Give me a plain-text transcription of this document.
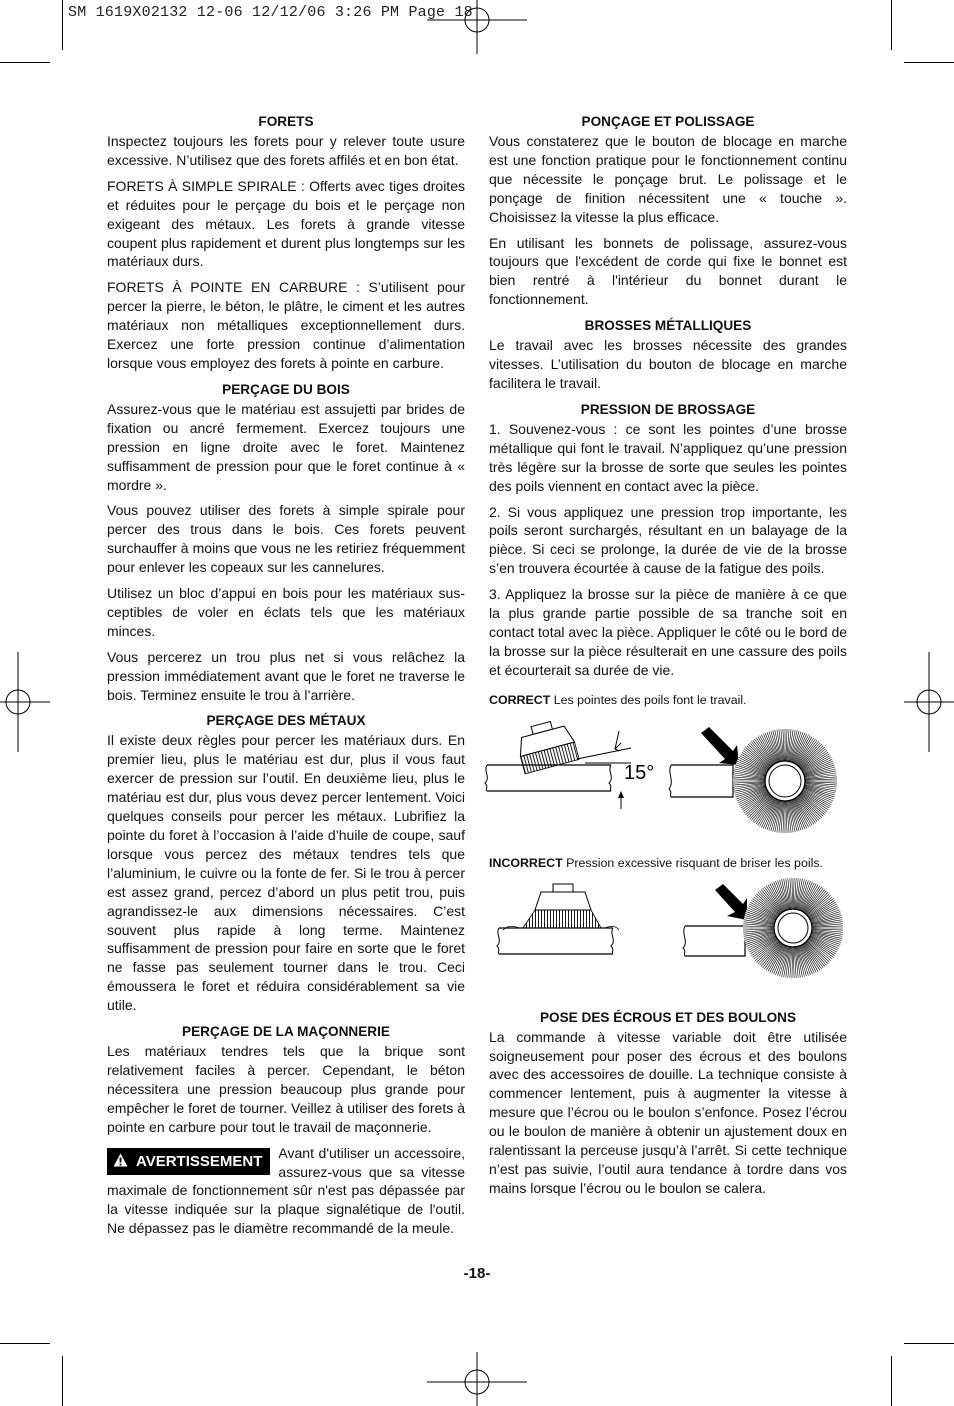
SM 1619X02132 12-06 12/12/06 3:26 PM Page 18
FORETS

Inspectez toujours les forets pour y relever toute usure excessive. N’utilisez que des forets affilés et en bon état.

FORETS À SIMPLE SPIRALE : Offerts avec tiges droites et réduites pour le perçage du bois et le perçage non exigeant des métaux. Les forets à grande vitesse coupent plus rapidement et durent plus longtemps sur les matériaux durs.

FORETS À POINTE EN CARBURE : S’utilisent pour percer la pierre, le béton, le plâtre, le ciment et les autres matériaux non métalliques exceptionnellement durs. Exercez une forte pression continue d’alimentation lorsque vous employez des forets à pointe en carbure.

PERÇAGE DU BOIS

Assurez-vous que le matériau est assujetti par brides de fixation ou ancré fermement. Exercez toujours une pression en ligne droite avec le foret. Maintenez suffisamment de pression pour que le foret continue à « mordre ».

Vous pouvez utiliser des forets à simple spirale pour percer des trous dans le bois. Ces forets peuvent surchauffer à moins que vous ne les retiriez fréquemment pour enlever les copeaux sur les cannelures.

Utilisez un bloc d’appui en bois pour les matériaux sus-ceptibles de voler en éclats tels que les matériaux minces.

Vous percerez un trou plus net si vous relâchez la pression immédiatement avant que le foret ne traverse le bois. Terminez ensuite le trou à l’arrière.

PERÇAGE DES MÉTAUX

Il existe deux règles pour percer les matériaux durs. En premier lieu, plus le matériau est dur, plus il vous faut exercer de pression sur l’outil. En deuxième lieu, plus le matériau est dur, plus vous devez percer lentement. Voici quelques conseils pour percer les métaux. Lubrifiez la pointe du foret à l’occasion à l’aide d’huile de coupe, sauf lorsque vous percez des métaux tendres tels que l’aluminium, le cuivre ou la fonte de fer. Si le trou à percer est assez grand, percez d’abord un plus petit trou, puis agrandissez-le aux dimensions nécessaires. C’est souvent plus rapide à long terme. Maintenez suffisamment de pression pour faire en sorte que le foret ne fasse pas seulement tourner dans le trou. Ceci émoussera le foret et réduira considérablement sa vie utile.

PERÇAGE DE LA MAÇONNERIE

Les matériaux tendres tels que la brique sont relativement faciles à percer. Cependant, le béton nécessitera une pression beaucoup plus grande pour empêcher le foret de tourner. Veillez à utiliser des forets à pointe en carbure pour tout le travail de maçonnerie.

AVERTISSEMENT	Avant d'utiliser un accessoire, assurez-vous que sa vitesse maximale de fonctionnement sûr n'est pas dépassée par la vitesse indiquée sur la plaque signalétique de l'outil. Ne dépassez pas le diamètre recommandé de la meule.

PONÇAGE ET POLISSAGE

Vous constaterez que le bouton de blocage en marche est une fonction pratique pour le fonctionnement continu que nécessite le ponçage brut. Le polissage et le ponçage de finition nécessitent une « touche ». Choisissez la vitesse la plus efficace.

En utilisant les bonnets de polissage, assurez-vous toujours que l'excédent de corde qui fixe le bonnet est bien rentré à l'intérieur du bonnet durant le fonctionnement.

BROSSES MÉTALLIQUES

Le travail avec les brosses nécessite des grandes vitesses. L’utilisation du bouton de blocage en marche facilitera le travail.

PRESSION DE BROSSAGE

1. Souvenez-vous : ce sont les pointes d’une brosse métallique qui font le travail. N’appliquez qu’une pression très légère sur la brosse de sorte que seules les pointes des poils viennent en contact avec la pièce.

2. Si vous appliquez une pression trop importante, les poils seront surchargés, résultant en un balayage de la pièce. Si ceci se prolonge, la durée de vie de la brosse s’en trouvera écourtée à cause de la fatigue des poils.

3. Appliquez la brosse sur la pièce de manière à ce que la plus grande partie possible de sa tranche soit en contact total avec la pièce. Appliquer le côté ou le bord de la brosse sur la pièce résulterait en une cassure des poils et écourterait sa durée de vie.

CORRECT Les pointes des poils font le travail.

15°

INCORRECT Pression excessive risquant de briser les poils.

POSE DES ÉCROUS ET DES BOULONS

La commande à vitesse variable doit être utilisée soigneusement pour poser des écrous et des boulons avec des accessoires de douille. La technique consiste à commencer lentement, puis à augmenter la vitesse à mesure que l’écrou ou le boulon s’enfonce. Posez l’écrou ou le boulon de manière à obtenir un ajustement doux en ralentissant la perceuse jusqu’à l’arrêt. Si cette technique n’est pas suivie, l’outil aura tendance à tordre dans vos mains lorsque l’écrou ou le boulon se calera.

-18-
